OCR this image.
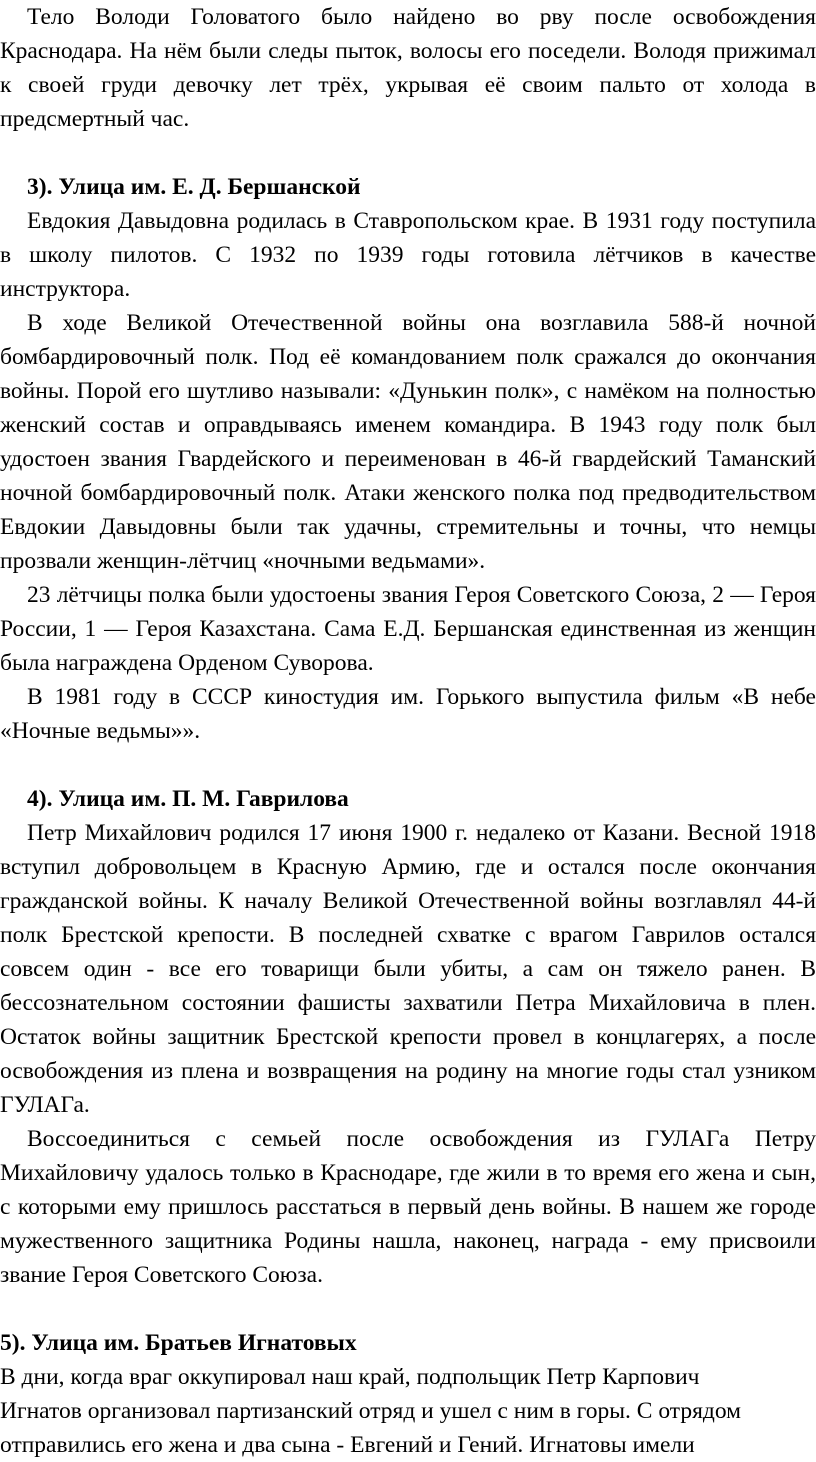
Тело Володи Головатого было найдено во рву после освобождения Краснодара. На нём были следы пыток, волосы его поседели. Володя прижимал к своей груди девочку лет трёх, укрывая её своим пальто от холода в предсмертный час.

3). Улица им. Е. Д. Бершанской

Евдокия Давыдовна родилась в Ставропольском крае. В 1931 году поступила в школу пилотов. С 1932 по 1939 годы готовила лётчиков в качестве инструктора.

В ходе Великой Отечественной войны она возглавила 588-й ночной бомбардировочный полк. Под её командованием полк сражался до окончания войны. Порой его шутливо называли: «Дунькин полк», с намёком на полностью женский состав и оправдываясь именем командира. В 1943 году полк был удостоен звания Гвардейского и переименован в 46-й гвардейский Таманский ночной бомбардировочный полк. Атаки женского полка под предводительством Евдокии Давыдовны были так удачны, стремительны и точны, что немцы прозвали женщин-лётчиц «ночными ведьмами».

23 лётчицы полка были удостоены звания Героя Советского Союза, 2 — Героя России, 1 — Героя Казахстана. Сама Е.Д. Бершанская единственная из женщин была награждена Орденом Суворова.

В 1981 году в СССР киностудия им. Горького выпустила фильм «В небе «Ночные ведьмы»».

4). Улица им. П. М. Гаврилова

Петр Михайлович родился 17 июня 1900 г. недалеко от Казани. Весной 1918 вступил добровольцем в Красную Армию, где и остался после окончания гражданской войны. К началу Великой Отечественной войны возглавлял 44-й полк Брестской крепости. В последней схватке с врагом Гаврилов остался совсем один - все его товарищи были убиты, а сам он тяжело ранен. В бессознательном состоянии фашисты захватили Петра Михайловича в плен. Остаток войны защитник Брестской крепости провел в концлагерях, а после освобождения из плена и возвращения на родину на многие годы стал узником ГУЛАГа.

Воссоединиться с семьей после освобождения из ГУЛАГа Петру Михайловичу удалось только в Краснодаре, где жили в то время его жена и сын, с которыми ему пришлось расстаться в первый день войны. В нашем же городе мужественного защитника Родины нашла, наконец, награда - ему присвоили звание Героя Советского Союза.

5). Улица им. Братьев Игнатовых

В дни, когда враг оккупировал наш край, подпольщик Петр Карпович

Игнатов организовал партизанский отряд и ушел с ним в горы. С отрядом

отправились его жена и два сына - Евгений и Гений. Игнатовы имели
